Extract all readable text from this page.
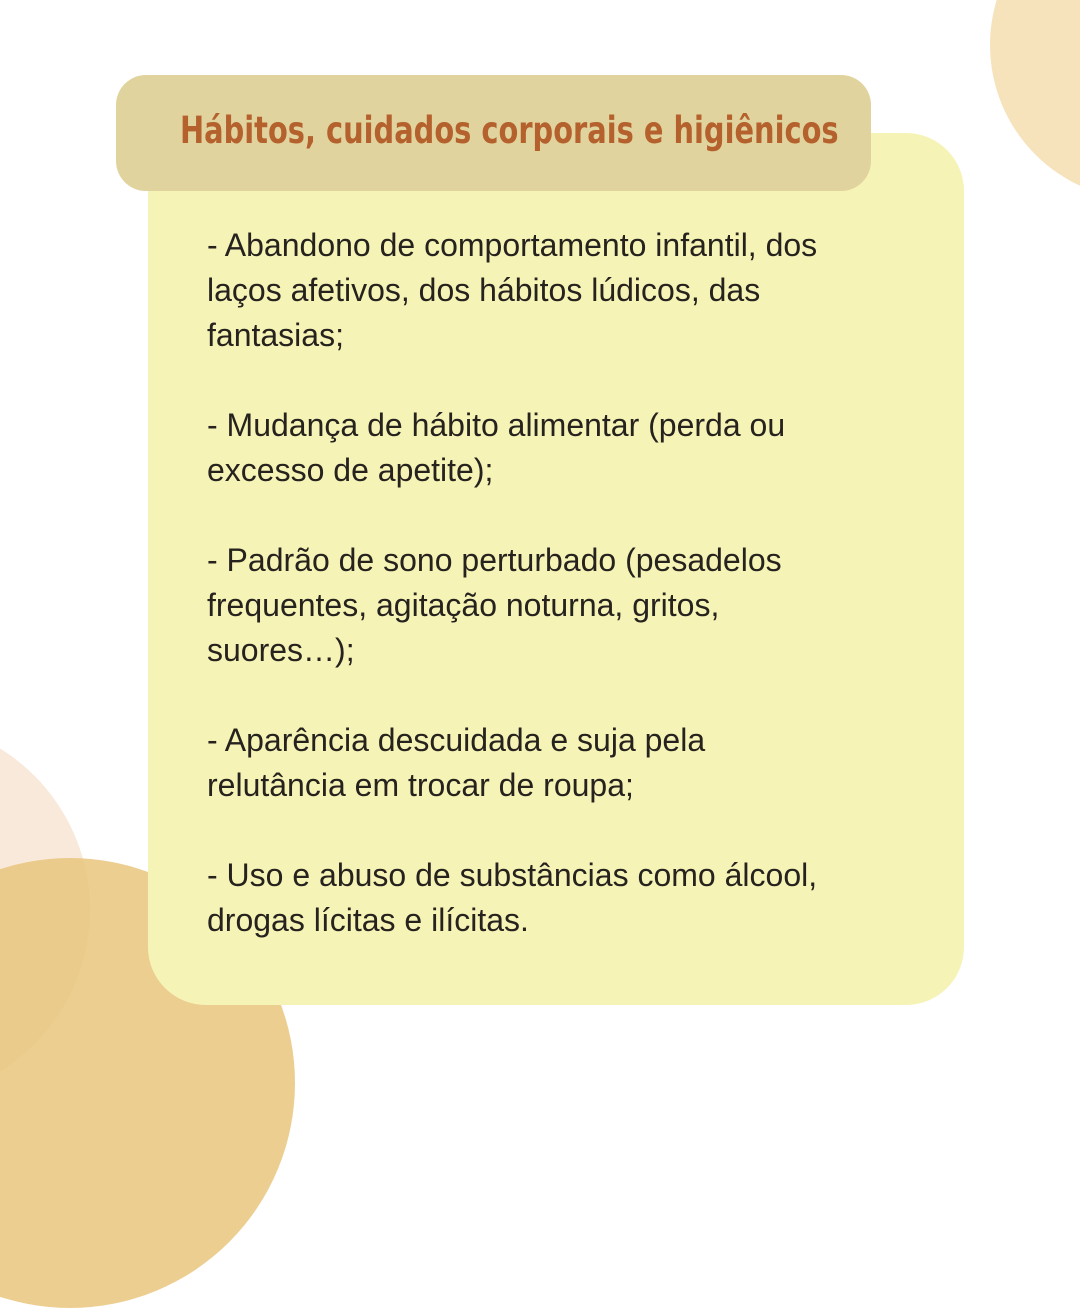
Hábitos, cuidados corporais e higiênicos
- Abandono de comportamento infantil, dos
laços afetivos, dos hábitos lúdicos, das
fantasias;
- Mudança de hábito alimentar (perda ou
excesso de apetite);
- Padrão de sono perturbado (pesadelos
frequentes, agitação noturna, gritos,
suores…);
- Aparência descuidada e suja pela
relutância em trocar de roupa;
- Uso e abuso de substâncias como álcool,
drogas lícitas e ilícitas.
